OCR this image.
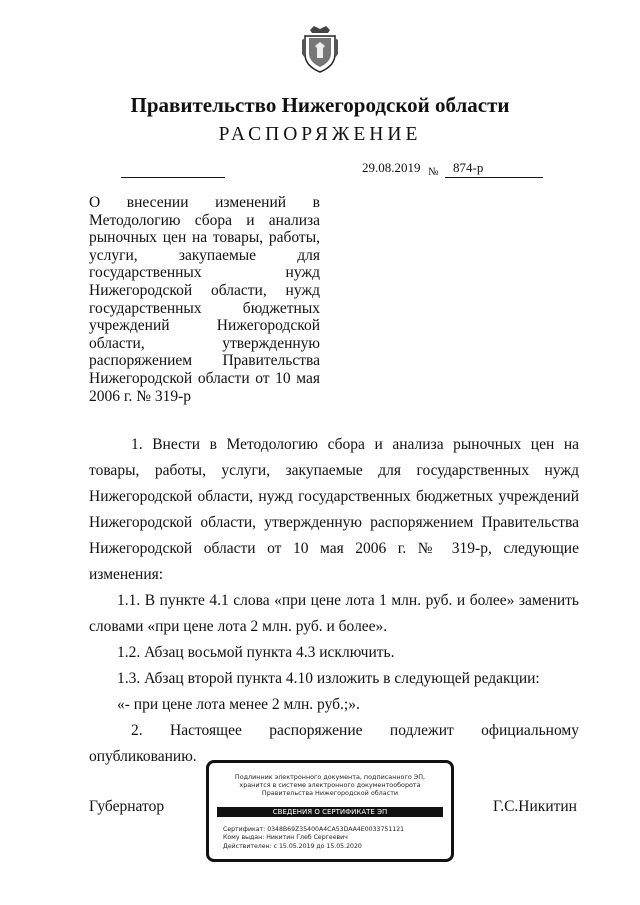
Правительство Нижегородской области
РАСПОРЯЖЕНИЕ
29.08.2019 № 874-р
О внесении изменений в Методологию сбора и анализа рыночных цен на товары, работы, услуги, закупаемые для государственных нужд Нижегородской области, нужд государственных бюджетных учреждений Нижегородской области, утвержденную распоряжением Правительства Нижегородской области от 10 мая 2006 г. № 319-р

1. Внести в Методологию сбора и анализа рыночных цен на товары, работы, услуги, закупаемые для государственных нужд Нижегородской области, нужд государственных бюджетных учреждений Нижегородской области, утвержденную распоряжением Правительства Нижегородской области от 10 мая 2006 г. № 319-р, следующие изменения:

1.1. В пункте 4.1 слова «при цене лота 1 млн. руб. и более» заменить словами «при цене лота 2 млн. руб. и более».

1.2. Абзац восьмой пункта 4.3 исключить.

1.3. Абзац второй пункта 4.10 изложить в следующей редакции:

«- при цене лота менее 2 млн. руб.;».

2. Настоящее распоряжение подлежит официальному опубликованию.

Губернатор	Г.С.Никитин
Подлинник электронного документа, подписанного ЭП,
хранится в системе электронного документооборота
Правительства Нижегородской области
СВЕДЕНИЯ О СЕРТИФИКАТЕ ЭП
Сертификат: 0348B69Z35400A4CA53DAA4E0033751121
Кому выдан: Никитин Глеб Сергеевич
Действителен: с 15.05.2019 до 15.05.2020
